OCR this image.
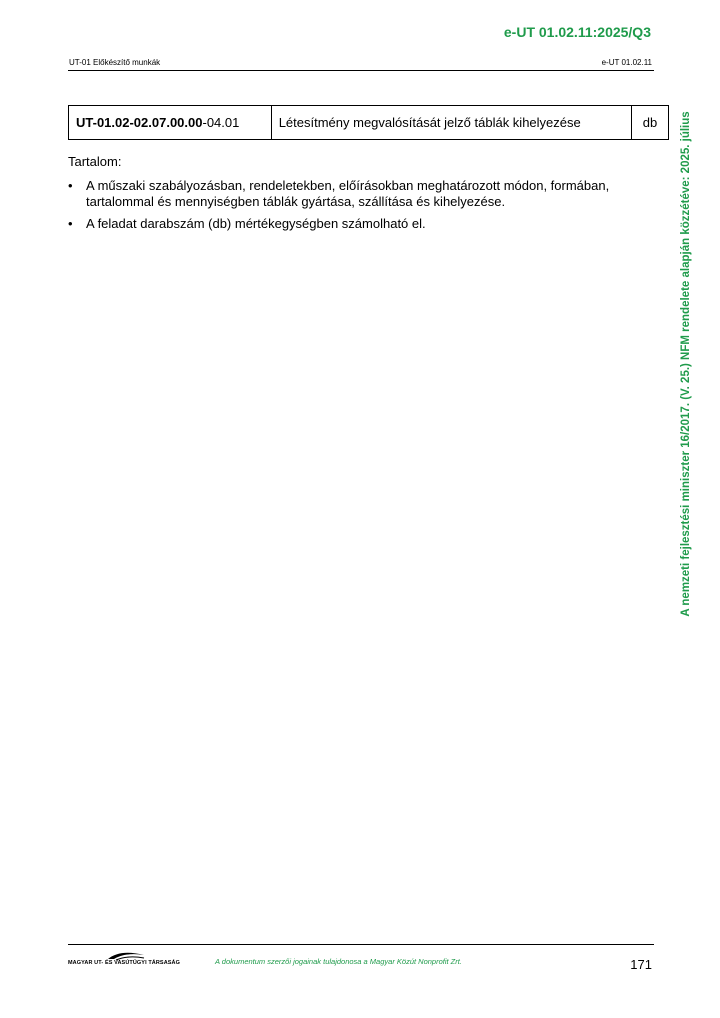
e-UT 01.02.11:2025/Q3
UT-01 Előkészítő munkák	e-UT 01.02.11
UT-01.02-02.07.00.00-04.01	Létesítmény megvalósítását jelző táblák kihelyezése	db
Tartalom:
• A műszaki szabályozásban, rendeletekben, előírásokban meghatározott módon, formában, tartalommal és mennyiségben táblák gyártása, szállítása és kihelyezése.
• A feladat darabszám (db) mértékegységben számolható el.	A nemzeti fejlesztési miniszter 16/2017. (V. 25.) NFM rendelete alapján közzétéve: 2025. július
MAGYAR UT- ÉS VASÚTÜGYI TÁRSASÁG	A dokumentum szerzői jogainak tulajdonosa a Magyar Közút Nonprofit Zrt.	171
